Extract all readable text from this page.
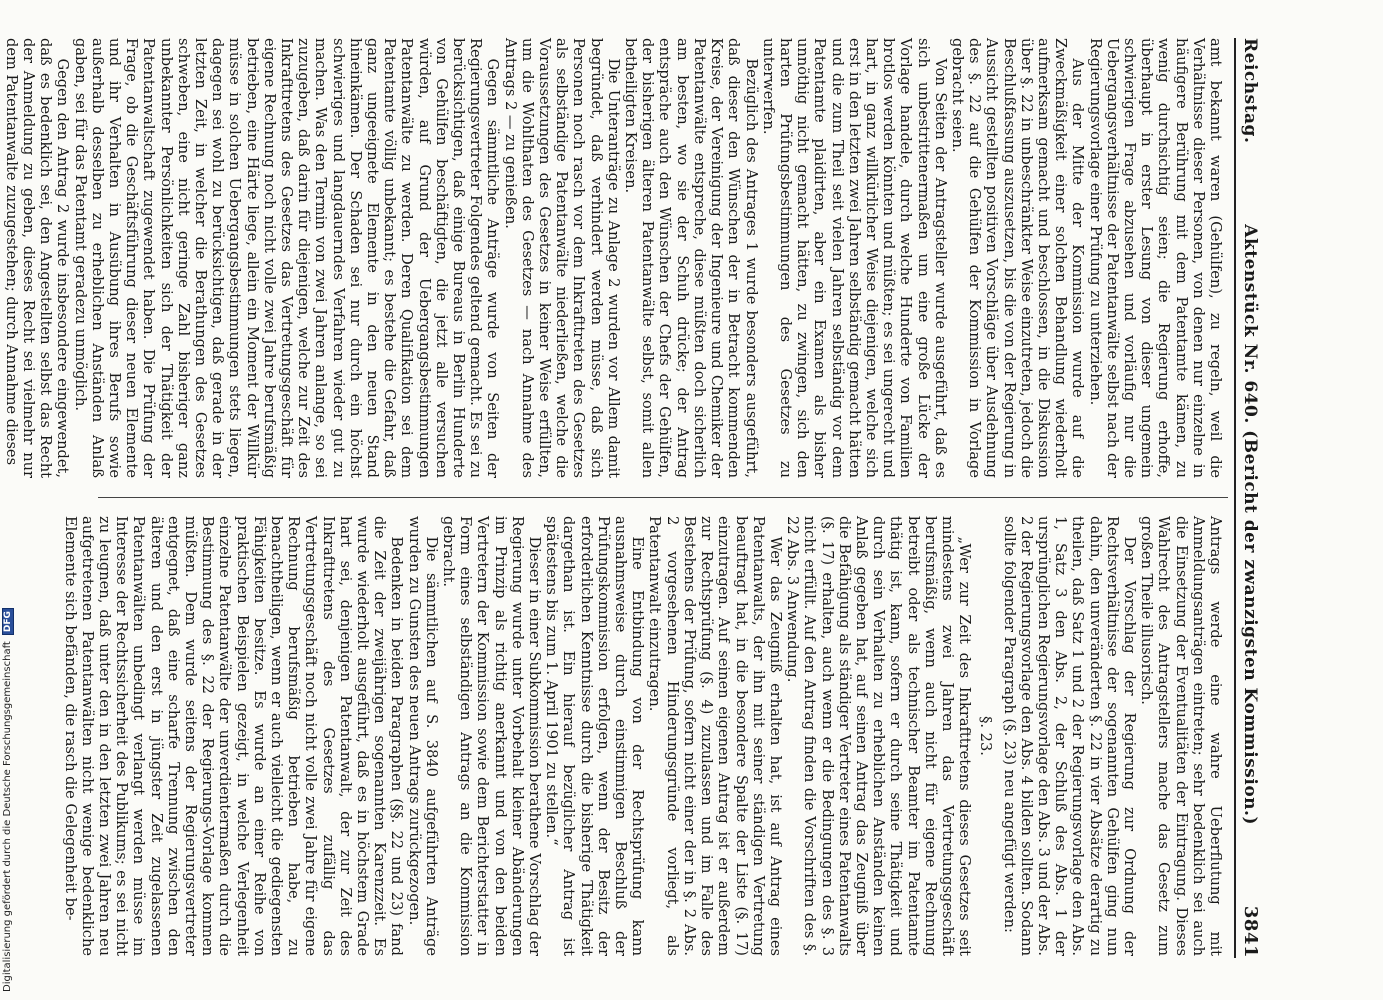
Reichstag.
Aktenstück Nr. 640. (Bericht der zwanzigsten Kommission.)
3841

amt bekannt waren (Gehülfen), zu regeln, weil die Verhältnisse dieser Personen, von denen nur einzelne in häufigere Berührung mit dem Patentamte kämen, zu wenig durchsichtig seien; die Regierung erhoffe, überhaupt in erster Lesung von dieser ungemein schwierigen Frage abzusehen und vorläufig nur die Uebergangsverhältnisse der Patentanwälte selbst nach der Regierungsvorlage einer Prüfung zu unterziehen.

Aus der Mitte der Kommission wurde auf die Zweckmäßigkeit einer solchen Behandlung wiederholt aufmerksam gemacht und beschlossen, in die Diskussion über §. 22 in unbeschränkter Weise einzutreten, jedoch die Beschlußfassung auszusetzen, bis die von der Regierung in Aussicht gestellten positiven Vorschläge über Ausdehnung des §. 22 auf die Gehülfen der Kommission in Vorlage gebracht seien.

Von Seiten der Antragsteller wurde ausgeführt, daß es sich unbestrittenermaßen um eine große Lücke der Vorlage handele, durch welche Hunderte von Familien brotlos werden könnten und müßten; es sei ungerecht und hart, in ganz willkürlicher Weise diejenigen, welche sich erst in den letzten zwei Jahren selbständig gemacht hätten und die zum Theil seit vielen Jahren selbständig vor dem Patentamte plaidirten, aber ein Examen als bisher unnöthig nicht gemacht hätten, zu zwingen, sich den harten Prüfungsbestimmungen des Gesetzes zu unterwerfen.

Bezüglich des Antrages 1 wurde besonders ausgeführt, daß dieser den Wünschen der in Betracht kommenden Kreise, der Vereinigung der Ingenieure und Chemiker der Patentanwälte entspreche, diese müßten doch sicherlich am besten, wo sie der Schuh drücke; der Antrag entspräche auch den Wünschen der Chefs der Gehülfen, der bisherigen älteren Patentanwälte selbst, somit allen betheiligten Kreisen.

Die Unteranträge zu Anlage 2 wurden vor Allem damit begründet, daß verhindert werden müsse, daß sich Personen noch rasch vor dem Inkrafttreten des Gesetzes als selbständige Patentanwälte niederließen, welche die Voraussetzungen des Gesetzes in keiner Weise erfüllten, um die Wohlthaten des Gesetzes — nach Annahme des Antrags 2 — zu genießen.

Gegen sämmtliche Anträge wurde von Seiten der Regierungsvertreter Folgendes geltend gemacht. Es sei zu berücksichtigen, daß einige Bureaus in Berlin Hunderte von Gehülfen beschäftigten, die jetzt alle versuchen würden, auf Grund der Uebergangsbestimmungen Patentanwälte zu werden. Deren Qualifikation sei dem Patentamte völlig unbekannt; es bestehe die Gefahr, daß ganz ungeeignete Elemente in den neuen Stand hineinkämen. Der Schaden sei nur durch ein höchst schwieriges und langdauerndes Verfahren wieder gut zu machen. Was den Termin von zwei Jahren anlange, so sei zuzugeben, daß darin für diejenigen, welche zur Zeit des Inkrafttretens des Gesetzes das Vertretungsgeschäft für eigene Rechnung noch nicht volle zwei Jahre berufsmäßig betrieben, eine Härte liege, allein ein Moment der Willkür müsse in solchen Uebergangsbestimmungen stets liegen, dagegen sei wohl zu berücksichtigen, daß gerade in der letzten Zeit, in welcher die Berathungen des Gesetzes schweben, eine nicht geringe Zahl bisheriger ganz unbekannter Persönlichkeiten sich der Thätigkeit der Patentanwaltschaft zugewendet haben. Die Prüfung der Frage, ob die Geschäftsführung dieser neuen Elemente und ihr Verhalten in Ausübung ihres Berufs sowie außerhalb desselben zu erheblichen Anständen Anlaß gaben, sei für das Patentamt geradezu unmöglich.

Gegen den Antrag 2 wurde insbesondere eingewendet, daß es bedenklich sei, den Angestellten selbst das Recht der Anmeldung zu geben, dieses Recht sei vielmehr nur dem Patentanwalte zuzugestehen; durch Annahme dieses

Antrags werde eine wahre Ueberflutung mit Anmeldungsanträgen eintreten; sehr bedenklich sei auch die Einsetzung der Eventualitäten der Eintragung. Dieses Wahlrecht des Antragstellers mache das Gesetz zum großen Theile illusorisch.

Der Vorschlag der Regierung zur Ordnung der Rechtsverhältnisse der sogenannten Gehülfen ging nun dahin, den unveränderten §. 22 in vier Absätze derartig zu theilen, daß Satz 1 und 2 der Regierungsvorlage den Abs. 1, Satz 3 den Abs. 2, der Schluß des Abs. 1 der ursprünglichen Regierungsvorlage den Abs. 3 und der Abs. 2 der Regierungsvorlage den Abs. 4 bilden sollten. Sodann sollte folgender Paragraph (§. 23) neu angefügt werden:

§. 23.

„Wer zur Zeit des Inkrafttretens dieses Gesetzes seit mindestens zwei Jahren das Vertretungsgeschäft berufsmäßig, wenn auch nicht für eigene Rechnung betreibt oder als technischer Beamter im Patentamte thätig ist, kann, sofern er durch seine Thätigkeit und durch sein Verhalten zu erheblichen Anständen keinen Anlaß gegeben hat, auf seinen Antrag das Zeugniß über die Befähigung als ständiger Vertreter eines Patentanwalts (§. 17) erhalten, auch wenn er die Bedingungen des §. 3 nicht erfüllt. Auf den Antrag finden die Vorschriften des §. 22 Abs. 3 Anwendung.

Wer das Zeugniß erhalten hat, ist auf Antrag eines Patentanwalts, der ihn mit seiner ständigen Vertretung beauftragt hat, in die besondere Spalte der Liste (§. 17) einzutragen. Auf seinen eigenen Antrag ist er außerdem zur Rechtsprüfung (§. 4) zuzulassen und im Falle des Bestehens der Prüfung, sofern nicht einer der in §. 2 Abs. 2 vorgesehenen Hinderungsgründe vorliegt, als Patentanwalt einzutragen.

Eine Entbindung von der Rechtsprüfung kann ausnahmsweise durch einstimmigen Beschluß der Prüfungskommission erfolgen, wenn der Besitz der erforderlichen Kenntnisse durch die bisherige Thätigkeit dargethan ist. Ein hierauf bezüglicher Antrag ist spätestens bis zum 1. April 1901 zu stellen.“

Dieser in einer Subkommission berathene Vorschlag der Regierung wurde unter Vorbehalt kleiner Abänderungen im Prinzip als richtig anerkannt und von den beiden Vertretern der Kommission sowie dem Berichterstatter in Form eines selbständigen Antrags an die Kommission gebracht.

Die sämmtlichen auf S. 3840 aufgeführten Anträge wurden zu Gunsten des neuen Antrags zurückgezogen.

Bedenken in beiden Paragraphen (§§. 22 und 23) fand die Zeit der zweijährigen sogenannten Karenzzeit. Es wurde wiederholt ausgeführt, daß es in höchstem Grade hart sei, denjenigen Patentanwalt, der zur Zeit des Inkrafttretens des Gesetzes zufällig das Vertretungsgeschäft noch nicht volle zwei Jahre für eigene Rechnung berufsmäßig betrieben habe, zu benachtheiligen, wenn er auch vielleicht die gediegensten Fähigkeiten besitze. Es wurde an einer Reihe von praktischen Beispielen gezeigt, in welche Verlegenheit einzelne Patentanwälte der unverdientermaßen durch die Bestimmung des §. 22 der Regierungs-Vorlage kommen müßten. Dem wurde seitens der Regierungsvertreter entgegnet, daß eine scharfe Trennung zwischen den älteren und den erst in jüngster Zeit zugelassenen Patentanwälten unbedingt verlangt werden müsse im Interesse der Rechtssicherheit des Publikums; es sei nicht zu leugnen, daß unter den in den letzten zwei Jahren neu aufgetretenen Patentanwälten nicht wenige bedenkliche Elemente sich befänden, die rasch die Gelegenheit be-

Digitalisierung gefördert durch die Deutsche ForschungsgemeinschaftDFG
